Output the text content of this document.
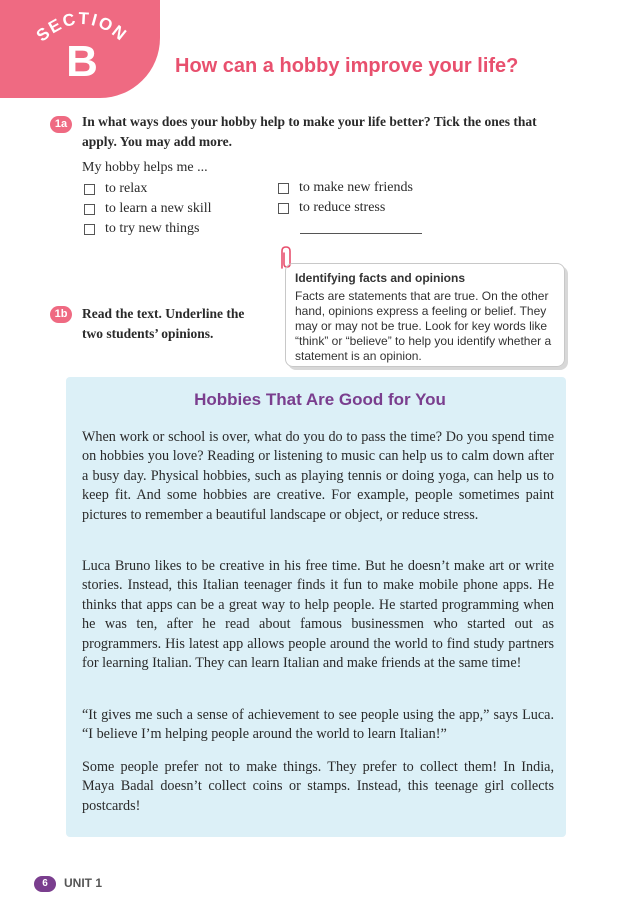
SECTION
B	How can a hobby improve your life?
1a	In what ways does your hobby help to make your life better? Tick the ones that apply. You may add more.
My hobby helps me ...
to relax
to learn a new skill
to try new things
to make new friends
to reduce stress
Identifying facts and opinions
Facts are statements that are true. On the other hand, opinions express a feeling or belief. They may or may not be true. Look for key words like “think” or “believe” to help you identify whether a statement is an opinion.
1b	Read the text. Underline the two students’ opinions.
Hobbies That Are Good for You

When work or school is over, what do you do to pass the time? Do you spend time on hobbies you love? Reading or listening to music can help us to calm down after a busy day. Physical hobbies, such as playing tennis or doing yoga, can help us to keep fit. And some hobbies are creative. For example, people sometimes paint pictures to remember a beautiful landscape or object, or reduce stress.

Luca Bruno likes to be creative in his free time. But he doesn’t make art or write stories. Instead, this Italian teenager finds it fun to make mobile phone apps. He thinks that apps can be a great way to help people. He started programming when he was ten, after he read about famous businessmen who started out as programmers. His latest app allows people around the world to find study partners for learning Italian. They can learn Italian and make friends at the same time!

“It gives me such a sense of achievement to see people using the app,” says Luca. “I believe I’m helping people around the world to learn Italian!”

Some people prefer not to make things. They prefer to collect them! In India, Maya Badal doesn’t collect coins or stamps. Instead, this teenage girl collects postcards!

6	UNIT 1
